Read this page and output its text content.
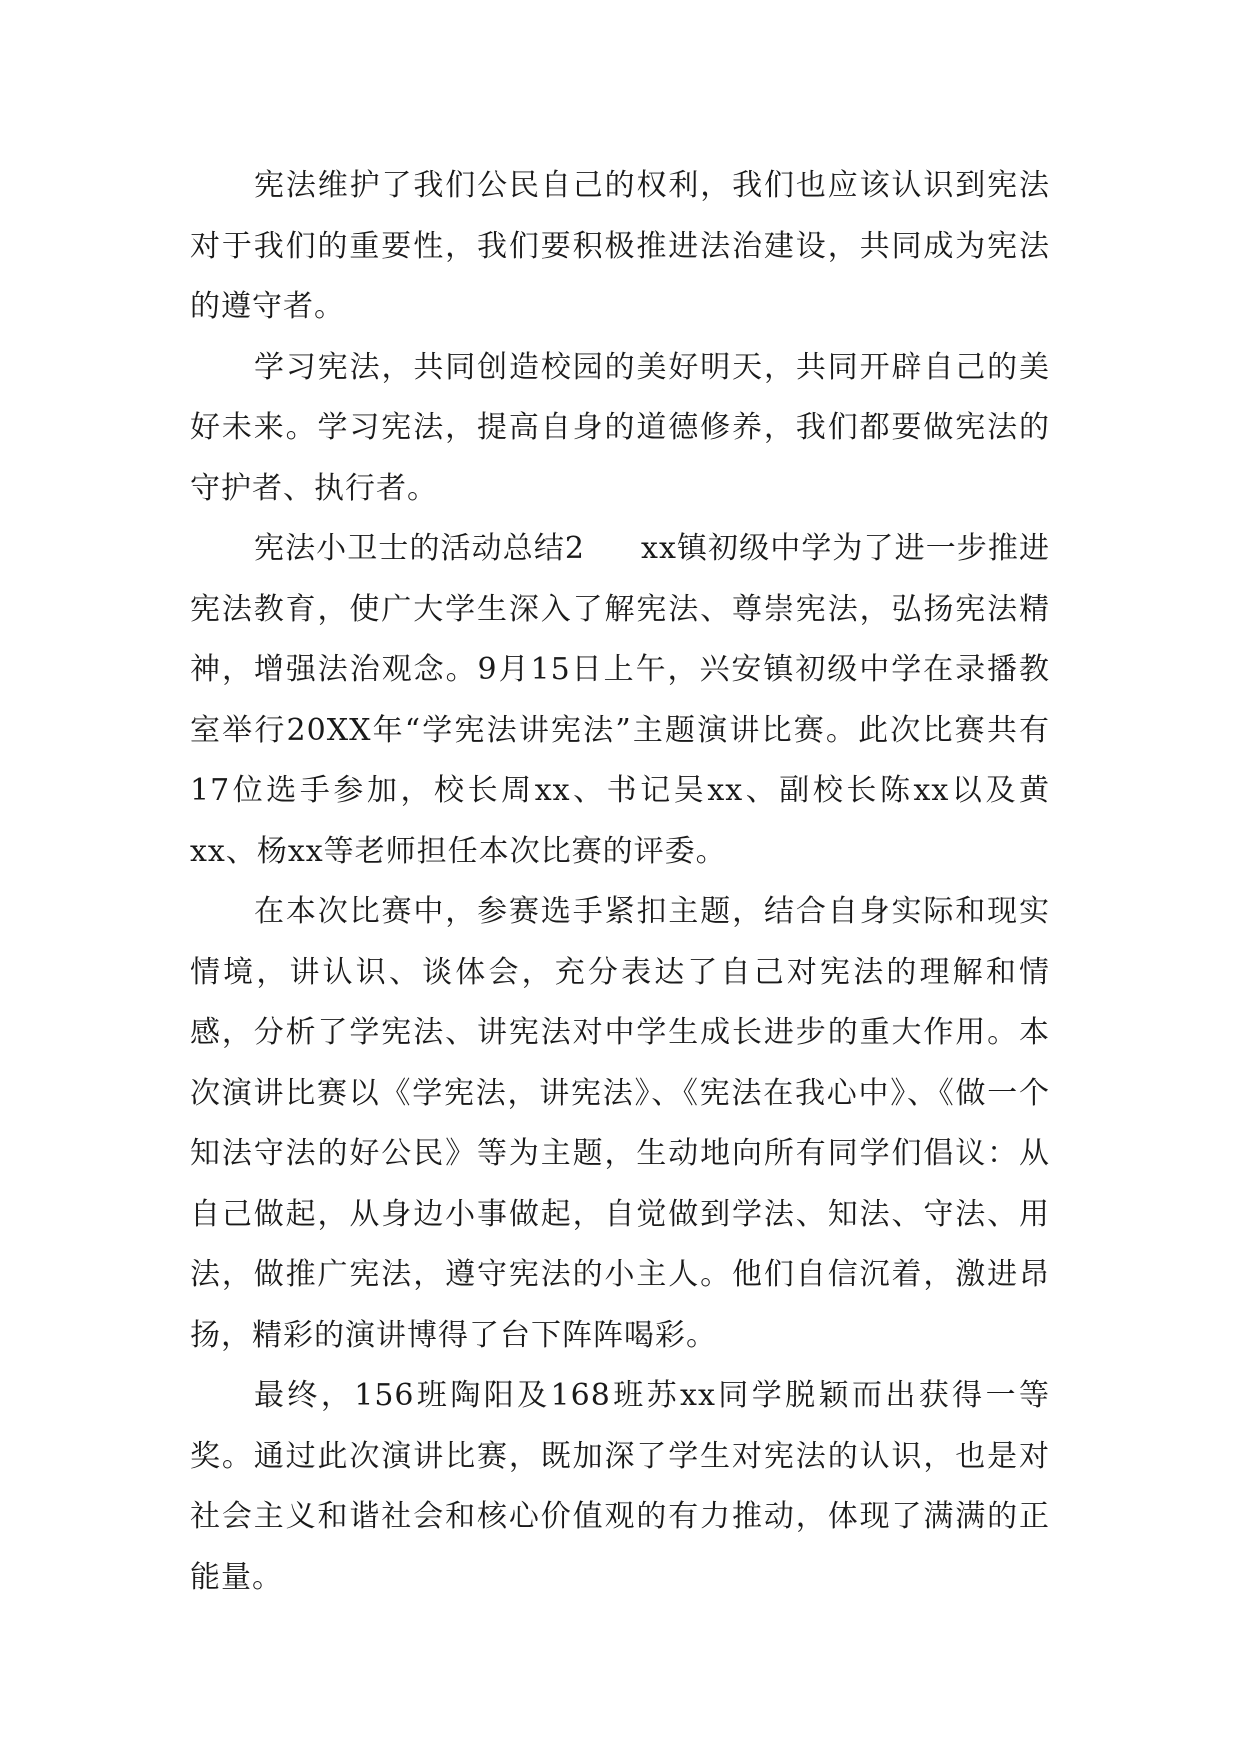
宪法维护了我们公民自己的权利，我们也应该认识到宪法对于我们的重要性，我们要积极推进法治建设，共同成为宪法的遵守者。

学习宪法，共同创造校园的美好明天，共同开辟自己的美好未来。学习宪法，提高自身的道德修养，我们都要做宪法的守护者、执行者。

宪法小卫士的活动总结2 xx镇初级中学为了进一步推进宪法教育，使广大学生深入了解宪法、尊崇宪法，弘扬宪法精神，增强法治观念。9月15日上午，兴安镇初级中学在录播教室举行20XX年“学宪法讲宪法”主题演讲比赛。此次比赛共有17位选手参加，校长周xx、书记吴xx、副校长陈xx以及黄xx、杨xx等老师担任本次比赛的评委。

在本次比赛中，参赛选手紧扣主题，结合自身实际和现实情境，讲认识、谈体会，充分表达了自己对宪法的理解和情感，分析了学宪法、讲宪法对中学生成长进步的重大作用。本次演讲比赛以《学宪法，讲宪法》、《宪法在我心中》、《做一个知法守法的好公民》等为主题，生动地向所有同学们倡议：从自己做起，从身边小事做起，自觉做到学法、知法、守法、用法，做推广宪法，遵守宪法的小主人。他们自信沉着，激进昂扬，精彩的演讲博得了台下阵阵喝彩。

最终，156班陶阳及168班苏xx同学脱颖而出获得一等奖。通过此次演讲比赛，既加深了学生对宪法的认识，也是对社会主义和谐社会和核心价值观的有力推动，体现了满满的正能量。
